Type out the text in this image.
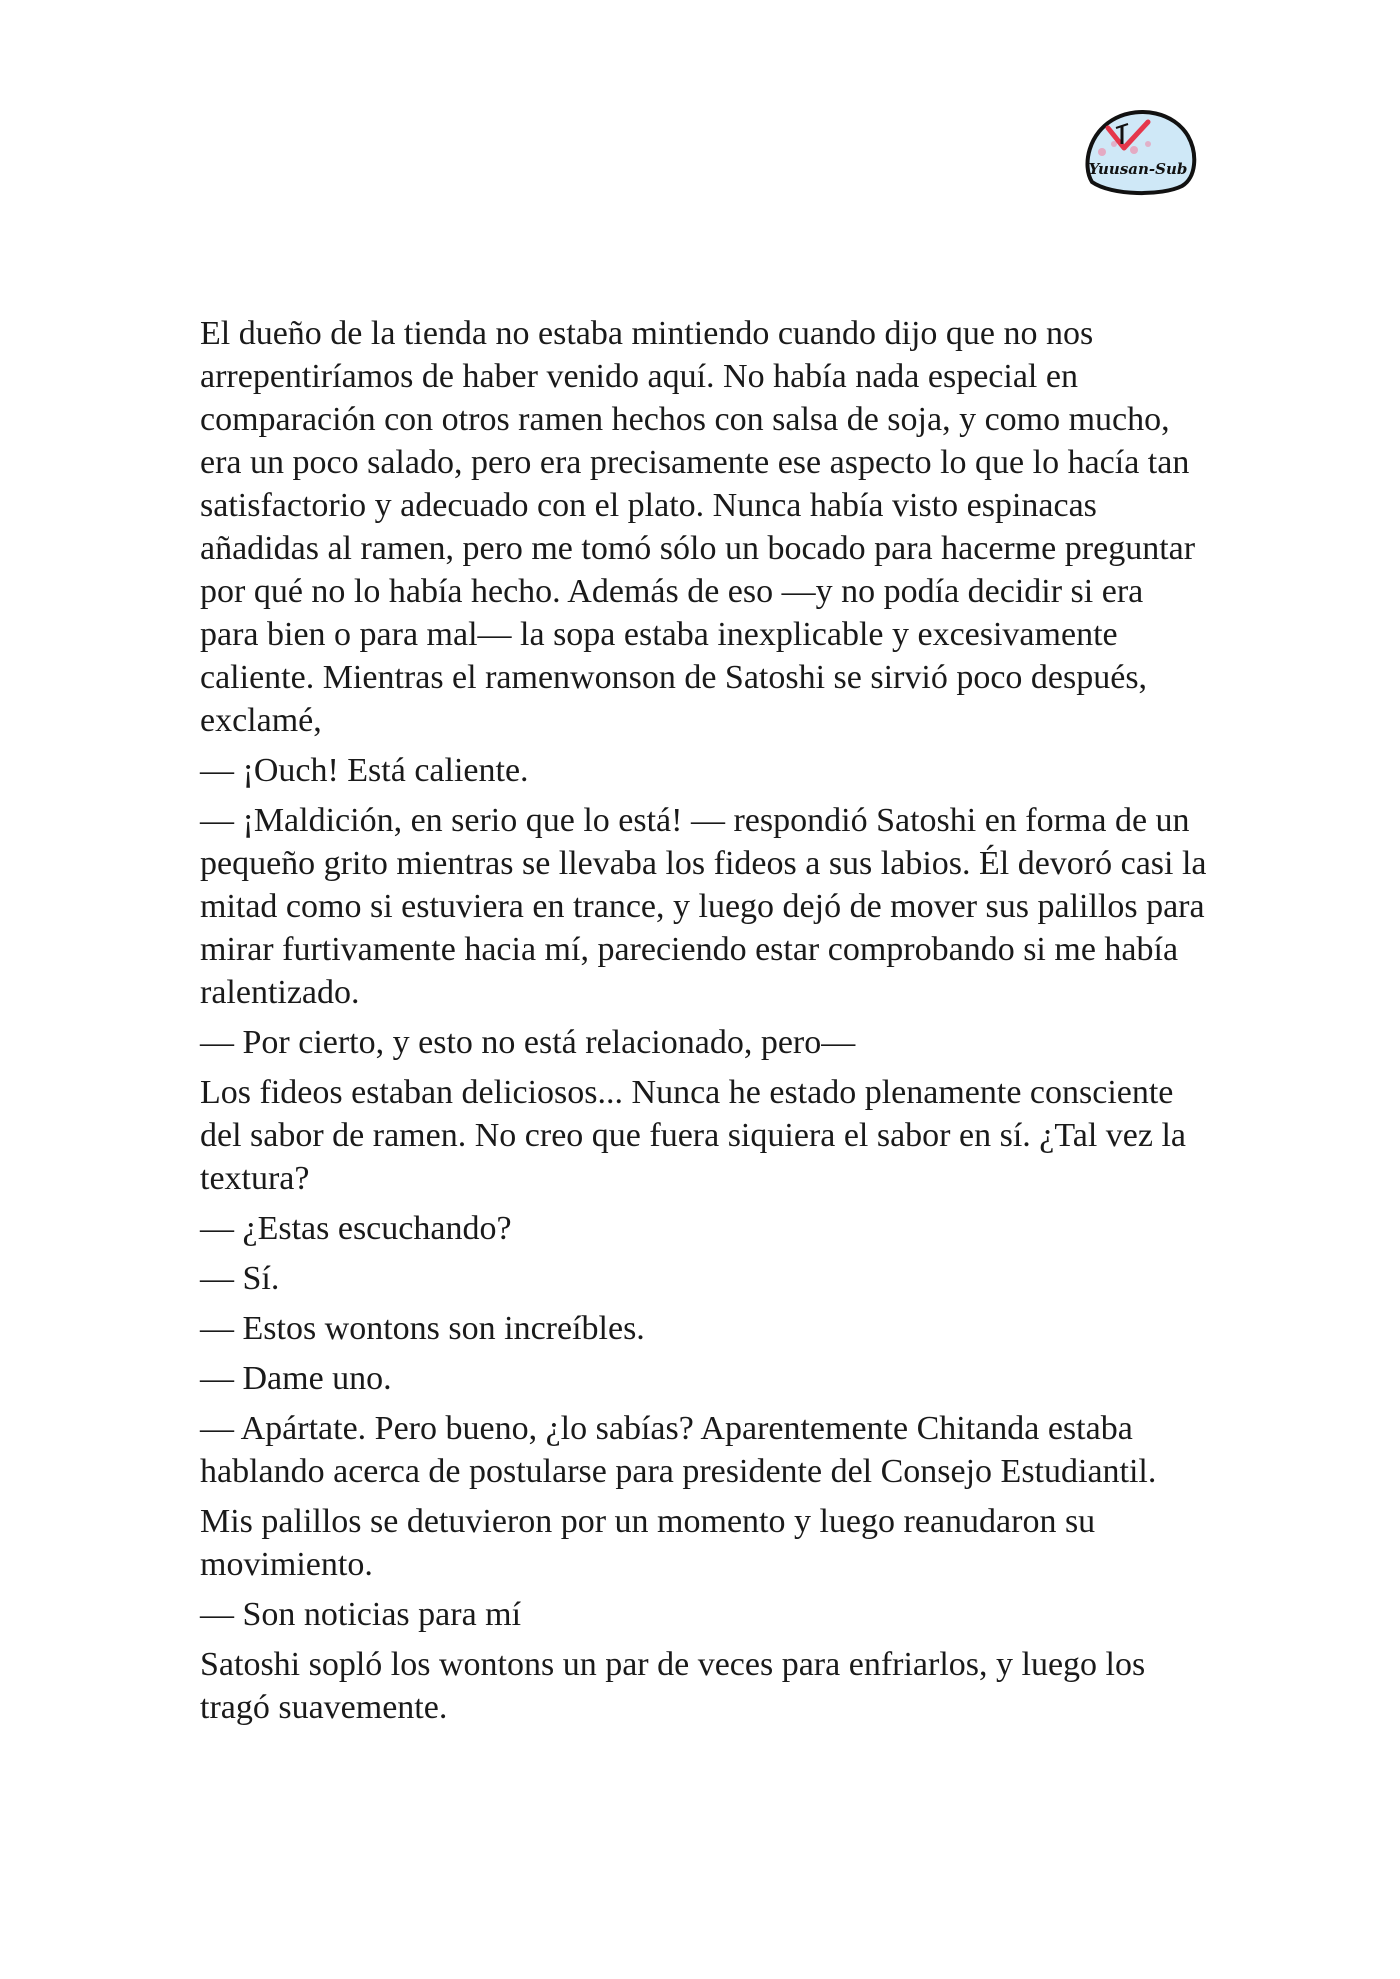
Yuusan-Sub

El dueño de la tienda no estaba mintiendo cuando dijo que no nos arrepentiríamos de haber venido aquí. No había nada especial en comparación con otros ramen hechos con salsa de soja, y como mucho, era un poco salado, pero era precisamente ese aspecto lo que lo hacía tan satisfactorio y adecuado con el plato. Nunca había visto espinacas añadidas al ramen, pero me tomó sólo un bocado para hacerme preguntar por qué no lo había hecho. Además de eso —y no podía decidir si era para bien o para mal— la sopa estaba inexplicable y excesivamente caliente. Mientras el ramenwonson de Satoshi se sirvió poco después, exclamé,

— ¡Ouch! Está caliente.

— ¡Maldición, en serio que lo está! — respondió Satoshi en forma de un pequeño grito mientras se llevaba los fideos a sus labios. Él devoró casi la mitad como si estuviera en trance, y luego dejó de mover sus palillos para mirar furtivamente hacia mí, pareciendo estar comprobando si me había ralentizado.

— Por cierto, y esto no está relacionado, pero—

Los fideos estaban deliciosos... Nunca he estado plenamente consciente del sabor de ramen. No creo que fuera siquiera el sabor en sí. ¿Tal vez la textura?

— ¿Estas escuchando?

— Sí.

— Estos wontons son increíbles.

— Dame uno.

— Apártate. Pero bueno, ¿lo sabías? Aparentemente Chitanda estaba hablando acerca de postularse para presidente del Consejo Estudiantil.

Mis palillos se detuvieron por un momento y luego reanudaron su movimiento.

— Son noticias para mí

Satoshi sopló los wontons un par de veces para enfriarlos, y luego los tragó suavemente.
